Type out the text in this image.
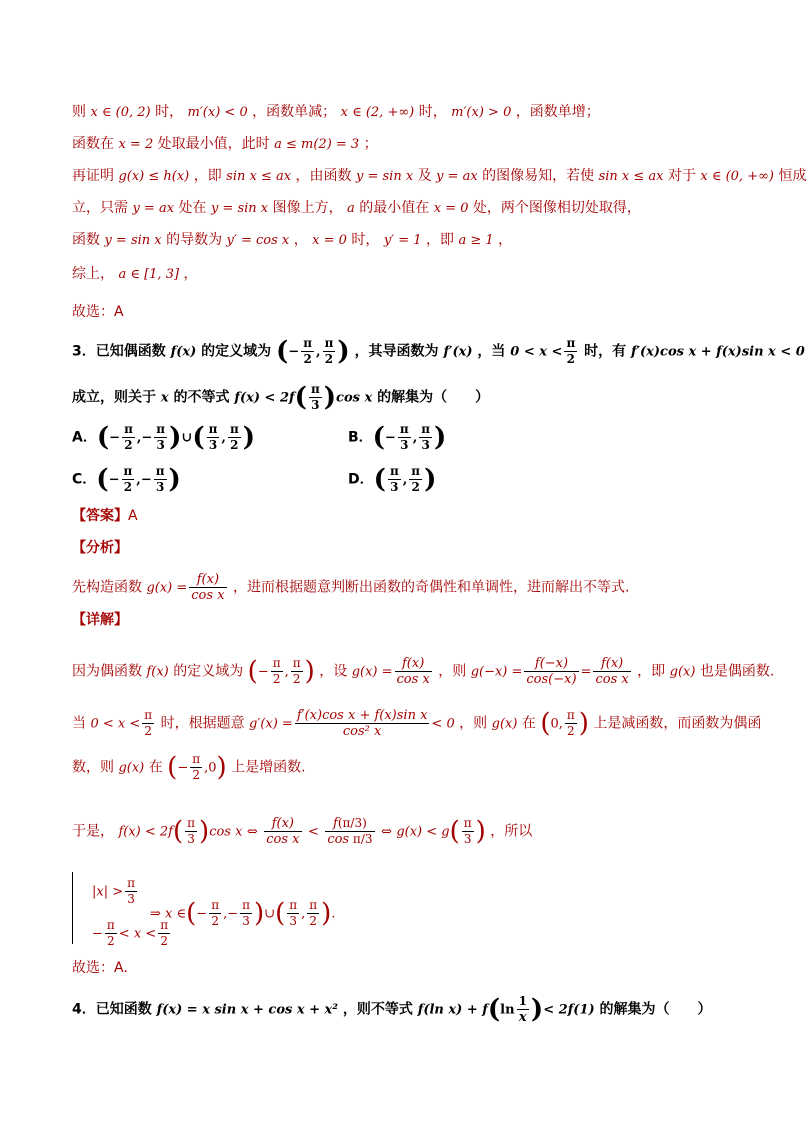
则 x ∈ (0, 2) 时， m′(x) < 0 ，函数单减； x ∈ (2, +∞) 时， m′(x) > 0 ，函数单增；
函数在 x = 2 处取最小值，此时 a ≤ m(2) = 3 ；
再证明 g(x) ≤ h(x) ，即 sin x ≤ ax ，由函数 y = sin x 及 y = ax 的图像易知，若使 sin x ≤ ax 对于 x ∈ (0, +∞) 恒成
立，只需 y = ax 处在 y = sin x 图像上方， a 的最小值在 x = 0 处，两个图像相切处取得，
函数 y = sin x 的导数为 y′ = cos x ， x = 0 时， y′ = 1 ，即 a ≥ 1 ，
综上， a ∈ [1, 3] ，
故选：A
3．已知偶函数 f(x) 的定义域为 (− $\frac{\pi}{2}$ , $\frac{\pi}{2}$ ) ，其导函数为 f′(x) ，当 $0 < x < \frac{\pi}{2}$ 时，有 f′(x)cos x + f(x)sin x < 0
成立，则关于 x 的不等式 $f(x) < 2f( \frac{\pi}{3} )\cos$ x 的解集为（　　）
A．(− $\frac{\pi}{2}$ ,− $\frac{\pi}{3}$ )∪( $\frac{\pi}{3}$ , $\frac{\pi}{2}$ )	B．(− $\frac{\pi}{3}$ , $\frac{\pi}{3}$ )
C．(− $\frac{\pi}{2}$ ,− $\frac{\pi}{3}$ )	D．( $\frac{\pi}{3}$ , $\frac{\pi}{2}$ )
【答案】A
【分析】
先构造函数 $g(x) = \frac{f(x)}{\text{cos x}}$ ，进而根据题意判断出函数的奇偶性和单调性，进而解出不等式.
【详解】
因为偶函数 f(x) 的定义域为 (− $\frac{\pi}{2}$ , $\frac{\pi}{2}$ ) ，设 $g(x) = \frac{f(x)}{\text{cos x}}$ ，则 $g(-x) = \frac{f(-x)}{\cos(-x)} = \frac{f(x)}{\text{cos x}}$ ，即 g(x) 也是偶函数.
当 $0 < x < \frac{\pi}{2}$ 时，根据题意 $g'(x) = \frac{\text{f′(x)cos x + f(x)sin x}}{\text{cos² x}} < 0$ ，则 g(x) 在 (0, $\frac{\pi}{2}$ ) 上是减函数，而函数为偶函
数，则 g(x) 在 (− $\frac{\pi}{2} ,0$) 上是增函数.
于是， $f(x) < 2f( \frac{\pi}{3} )\cos$ x ⇔ $\frac{f(x)}{\text{cos x}} < \frac{f(\pi/3)}{\text{cos π/3}}$ ⇔ $g(x) < g( \frac{\pi}{3}$ ) ，所以
$|x| > \frac{\pi}{3}$
− $\frac{\pi}{2} < x < \frac{\pi}{2}$
⇒ x ∈(− $\frac{\pi}{2}$ ,− $\frac{\pi}{3}$ )∪( $\frac{\pi}{3}$ , $\frac{\pi}{2}$ ).
故选：A.
4．已知函数 f(x) = x sin x + cos x + x² ，则不等式 f(ln $x) + f(\ln \frac{1}{x}$ )< 2f(1) 的解集为（　　）
